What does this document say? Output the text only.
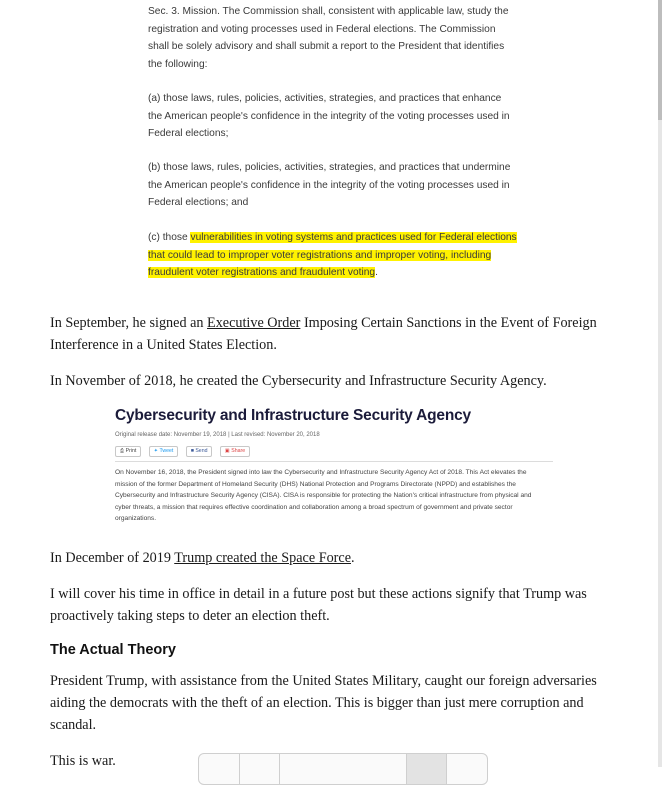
Sec. 3. Mission. The Commission shall, consistent with applicable law, study the registration and voting processes used in Federal elections. The Commission shall be solely advisory and shall submit a report to the President that identifies the following:

(a) those laws, rules, policies, activities, strategies, and practices that enhance the American people's confidence in the integrity of the voting processes used in Federal elections;

(b) those laws, rules, policies, activities, strategies, and practices that undermine the American people's confidence in the integrity of the voting processes used in Federal elections; and

(c) those vulnerabilities in voting systems and practices used for Federal elections that could lead to improper voter registrations and improper voting, including fraudulent voter registrations and fraudulent voting.

In September, he signed an Executive Order Imposing Certain Sanctions in the Event of Foreign Interference in a United States Election.

In November of 2018, he created the Cybersecurity and Infrastructure Security Agency.

Cybersecurity and Infrastructure Security Agency
Original release date: November 19, 2018 | Last revised: November 20, 2018
⎙ Print	✦ Tweet	■ Send	▣ Share
On November 16, 2018, the President signed into law the Cybersecurity and Infrastructure Security Agency Act of 2018. This Act elevates the mission of the former Department of Homeland Security (DHS) National Protection and Programs Directorate (NPPD) and establishes the Cybersecurity and Infrastructure Security Agency (CISA). CISA is responsible for protecting the Nation's critical infrastructure from physical and cyber threats, a mission that requires effective coordination and collaboration among a broad spectrum of government and private sector organizations.

In December of 2019 Trump created the Space Force.

I will cover his time in office in detail in a future post but these actions signify that Trump was proactively taking steps to deter an election theft.

The Actual Theory

President Trump, with assistance from the United States Military, caught our foreign adversaries aiding the democrats with the theft of an election. This is bigger than just mere corruption and scandal.

This is war.
